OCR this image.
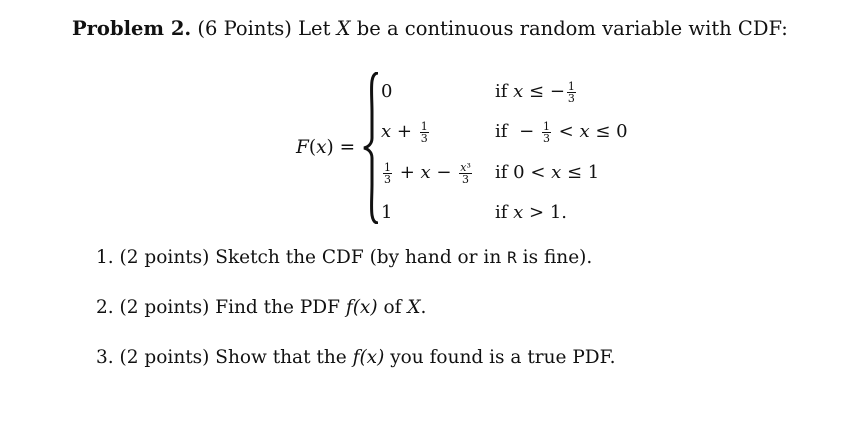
Problem 2. (6 Points) Let X be a continuous random variable with CDF:
F(x) =
0	if x ≤ − $\frac{1}{3}$
$x + \frac{1}{3}$	if − $\frac{1}{3} < x \le 0$
$\frac{1}{3} + x - \frac{\text{x³}}{3}$ if 0 < x ≤ 1
1	if x > 1.
1. (2 points) Sketch the CDF (by hand or in R is fine).
2. (2 points) Find the PDF f(x) of X.
3. (2 points) Show that the f(x) you found is a true PDF.
